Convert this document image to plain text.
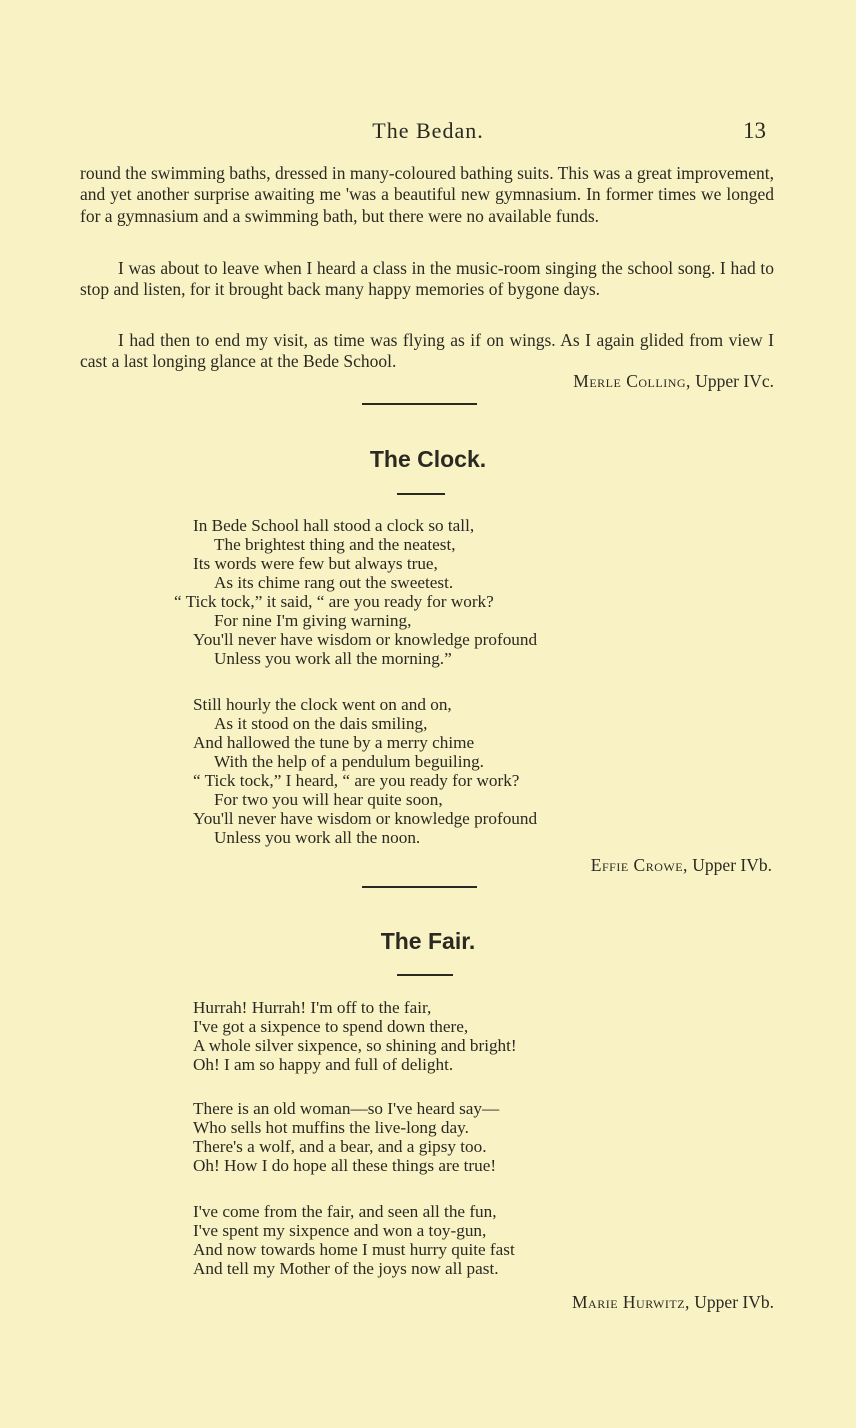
The Bedan.	13

round the swimming baths, dressed in many-coloured bathing suits. This was a great improvement, and yet another surprise awaiting me 'was a beautiful new gymnasium. In former times we longed for a gymnasium and a swimming bath, but there were no available funds.

I was about to leave when I heard a class in the music-room singing the school song. I had to stop and listen, for it brought back many happy memories of bygone days.

I had then to end my visit, as time was flying as if on wings. As I again glided from view I cast a last longing glance at the Bede School.

Merle Colling, Upper IVc.
The Clock.
In Bede School hall stood a clock so tall,
The brightest thing and the neatest,
Its words were few but always true,
As its chime rang out the sweetest.
“ Tick tock,” it said, “ are you ready for work?
For nine I'm giving warning,
You'll never have wisdom or knowledge profound
Unless you work all the morning.”
Still hourly the clock went on and on,
As it stood on the dais smiling,
And hallowed the tune by a merry chime
With the help of a pendulum beguiling.
“ Tick tock,” I heard, “ are you ready for work?
For two you will hear quite soon,
You'll never have wisdom or knowledge profound
Unless you work all the noon.
Effie Crowe, Upper IVb.
The Fair.
Hurrah! Hurrah! I'm off to the fair,
I've got a sixpence to spend down there,
A whole silver sixpence, so shining and bright!
Oh! I am so happy and full of delight.
There is an old woman—so I've heard say—
Who sells hot muffins the live-long day.
There's a wolf, and a bear, and a gipsy too.
Oh! How I do hope all these things are true!
I've come from the fair, and seen all the fun,
I've spent my sixpence and won a toy-gun,
And now towards home I must hurry quite fast
And tell my Mother of the joys now all past.
Marie Hurwitz, Upper IVb.
